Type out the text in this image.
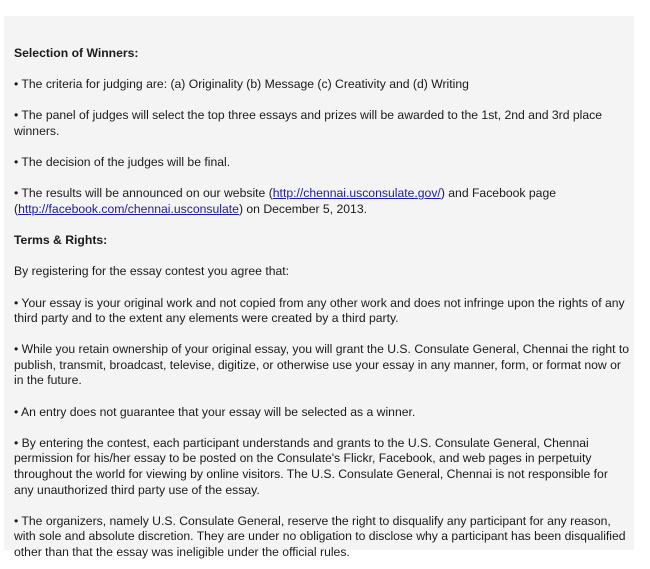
Selection of Winners:

• The criteria for judging are: (a) Originality (b) Message (c) Creativity and (d) Writing

• The panel of judges will select the top three essays and prizes will be awarded to the 1st, 2nd and 3rd place winners.

• The decision of the judges will be final.

• The results will be announced on our website (http://chennai.usconsulate.gov/) and Facebook page (http://facebook.com/chennai.usconsulate) on December 5, 2013.

Terms & Rights:

By registering for the essay contest you agree that:

• Your essay is your original work and not copied from any other work and does not infringe upon the rights of any third party and to the extent any elements were created by a third party.

• While you retain ownership of your original essay, you will grant the U.S. Consulate General, Chennai the right to publish, transmit, broadcast, televise, digitize, or otherwise use your essay in any manner, form, or format now or in the future.

• An entry does not guarantee that your essay will be selected as a winner.

• By entering the contest, each participant understands and grants to the U.S. Consulate General, Chennai permission for his/her essay to be posted on the Consulate's Flickr, Facebook, and web pages in perpetuity throughout the world for viewing by online visitors. The U.S. Consulate General, Chennai is not responsible for any unauthorized third party use of the essay.

• The organizers, namely U.S. Consulate General, reserve the right to disqualify any participant for any reason, with sole and absolute discretion. They are under no obligation to disclose why a participant has been disqualified other than that the essay was ineligible under the official rules.
